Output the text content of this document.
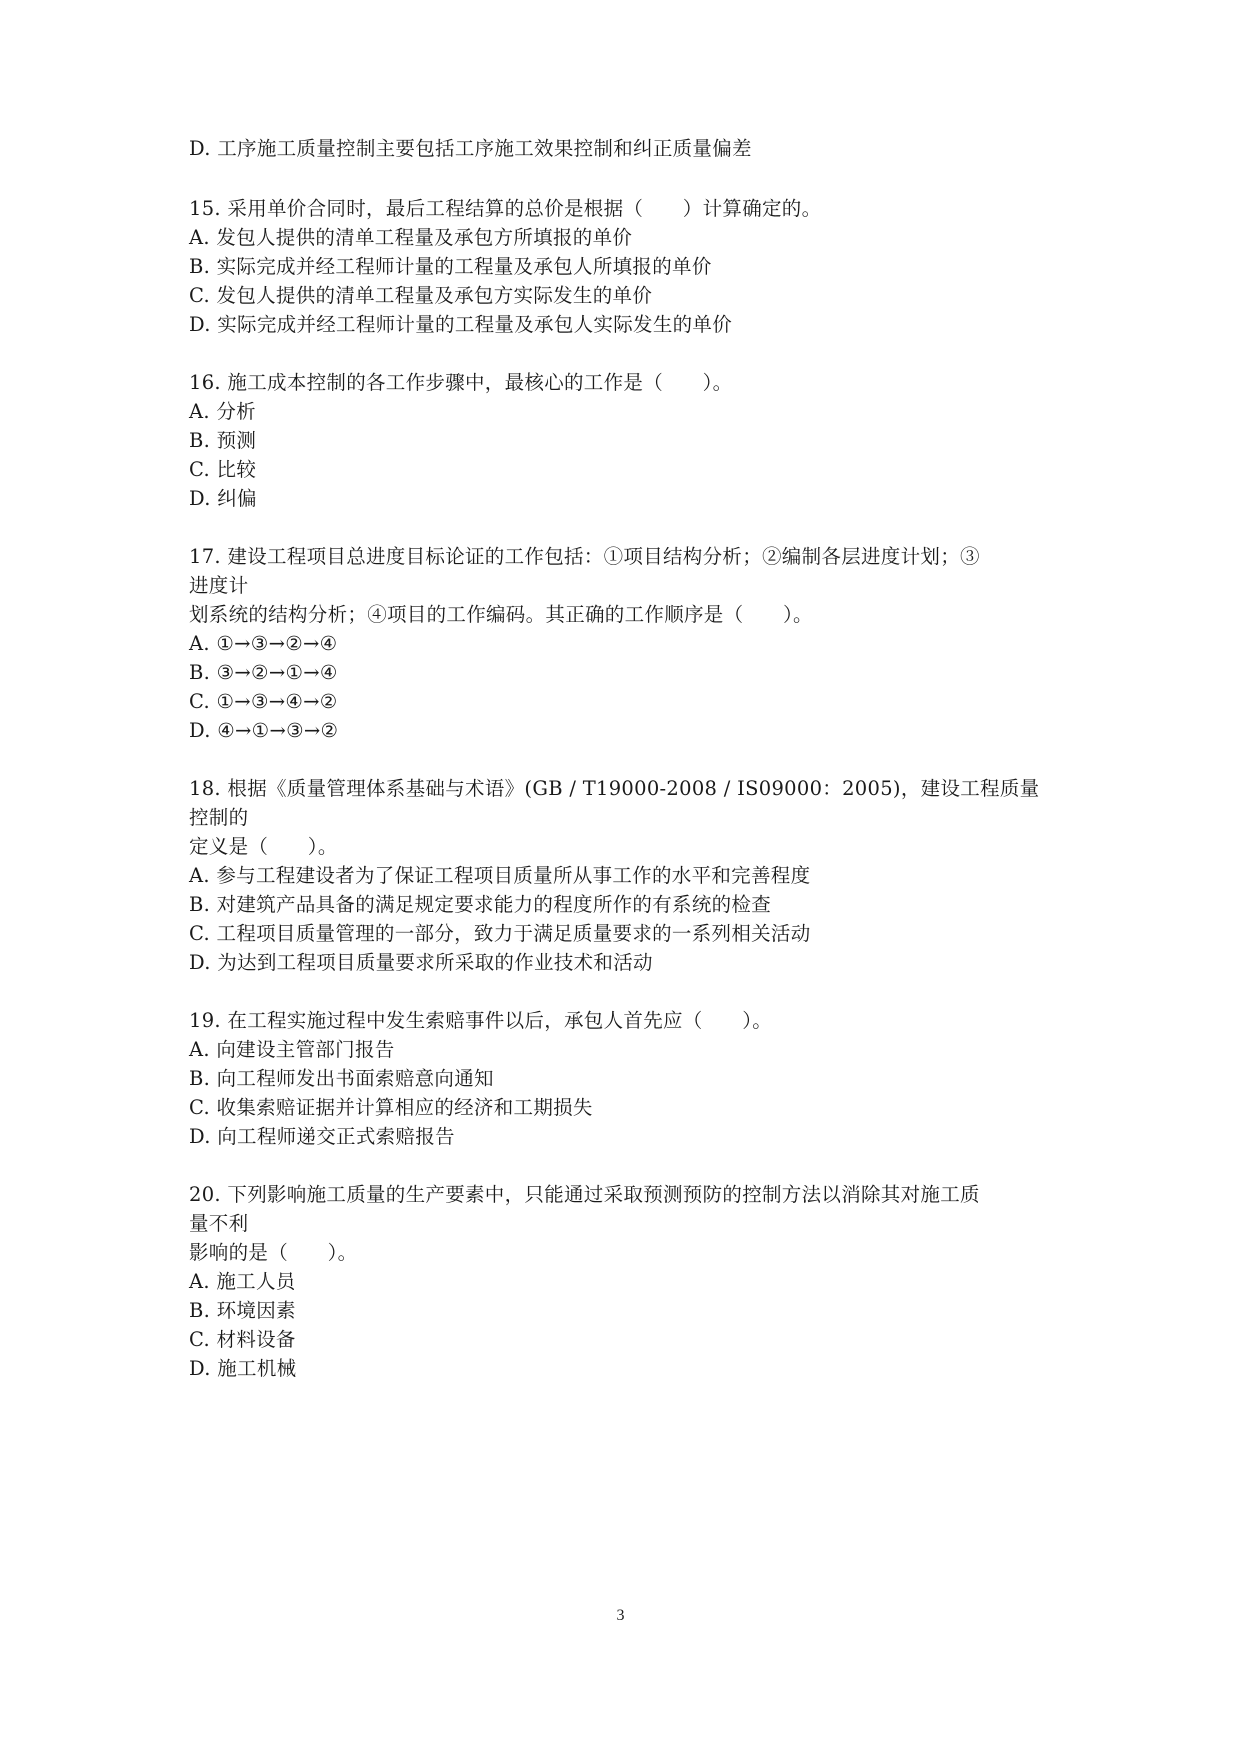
D. 工序施工质量控制主要包括工序施工效果控制和纠正质量偏差
15. 采用单价合同时，最后工程结算的总价是根据（　　）计算确定的。
A. 发包人提供的清单工程量及承包方所填报的单价
B. 实际完成并经工程师计量的工程量及承包人所填报的单价
C. 发包人提供的清单工程量及承包方实际发生的单价
D. 实际完成并经工程师计量的工程量及承包人实际发生的单价
16. 施工成本控制的各工作步骤中，最核心的工作是（　　）。
A. 分析
B. 预测
C. 比较
D. 纠偏
17. 建设工程项目总进度目标论证的工作包括：①项目结构分析；②编制各层进度计划；③
进度计
划系统的结构分析；④项目的工作编码。其正确的工作顺序是（　　）。
A. ①→③→②→④
B. ③→②→①→④
C. ①→③→④→②
D. ④→①→③→②
18. 根据《质量管理体系基础与术语》(GB / T19000-2008 / IS09000：2005)，建设工程质量
控制的
定义是（　　）。
A. 参与工程建设者为了保证工程项目质量所从事工作的水平和完善程度
B. 对建筑产品具备的满足规定要求能力的程度所作的有系统的检查
C. 工程项目质量管理的一部分，致力于满足质量要求的一系列相关活动
D. 为达到工程项目质量要求所采取的作业技术和活动
19. 在工程实施过程中发生索赔事件以后，承包人首先应（　　）。
A. 向建设主管部门报告
B. 向工程师发出书面索赔意向通知
C. 收集索赔证据并计算相应的经济和工期损失
D. 向工程师递交正式索赔报告
20. 下列影响施工质量的生产要素中，只能通过采取预测预防的控制方法以消除其对施工质
量不利
影响的是（　　）。
A. 施工人员
B. 环境因素
C. 材料设备
D. 施工机械
3
